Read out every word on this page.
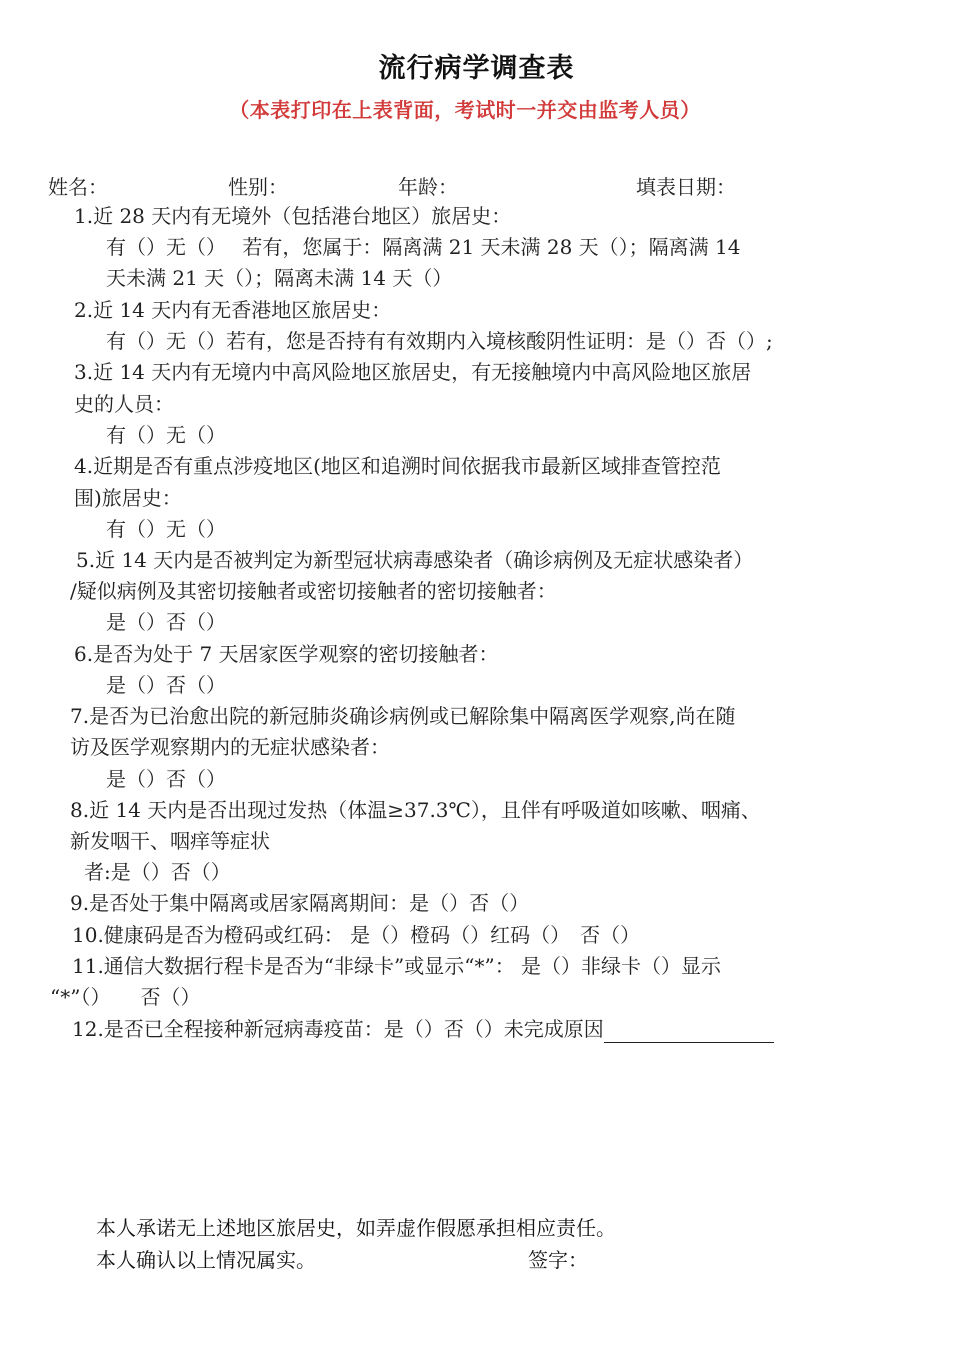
流行病学调查表
（本表打印在上表背面，考试时一并交由监考人员）
姓名：	性别：	年龄：	填表日期：
1.近 28 天内有无境外（包括港台地区）旅居史：
有（）无（）　 若有，您属于：隔离满 21 天未满 28 天（）；隔离满 14
天未满 21 天（）；隔离未满 14 天（）
2.近 14 天内有无香港地区旅居史：
有（）无（）若有，您是否持有有效期内入境核酸阴性证明：是（）否（）;
3.近 14 天内有无境内中高风险地区旅居史，有无接触境内中高风险地区旅居
史的人员：
有（）无（）
4.近期是否有重点涉疫地区(地区和追溯时间依据我市最新区域排查管控范
围)旅居史：
有（）无（）
5.近 14 天内是否被判定为新型冠状病毒感染者（确诊病例及无症状感染者）
/疑似病例及其密切接触者或密切接触者的密切接触者：
是（）否（）
6.是否为处于 7 天居家医学观察的密切接触者：
是（）否（）
7.是否为已治愈出院的新冠肺炎确诊病例或已解除集中隔离医学观察,尚在随
访及医学观察期内的无症状感染者：
是（）否（）
8.近 14 天内是否出现过发热（体温≥37.3℃），且伴有呼吸道如咳嗽、咽痛、
新发咽干、咽痒等症状
者:是（）否（）
9.是否处于集中隔离或居家隔离期间：是（）否（）
10.健康码是否为橙码或红码： 是（）橙码（）红码（）　否（）
11.通信大数据行程卡是否为“非绿卡”或显示“*”： 是（）非绿卡（）显示
“*”（）　　否（）
12.是否已全程接种新冠病毒疫苗：是（）否（）未完成原因
本人承诺无上述地区旅居史，如弄虚作假愿承担相应责任。
本人确认以上情况属实。	签字：
